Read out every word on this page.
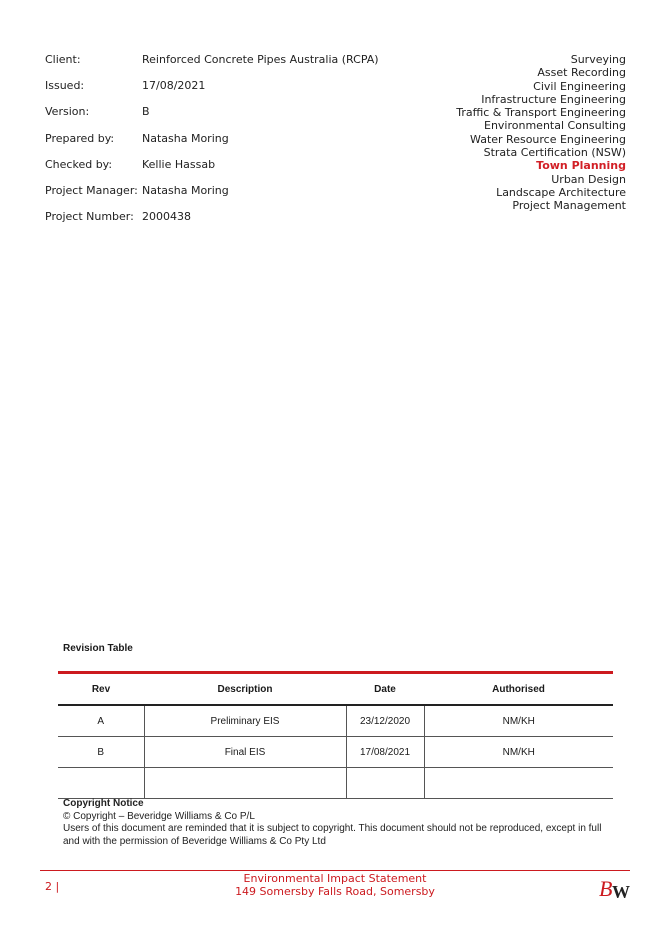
Client:	Reinforced Concrete Pipes Australia (RCPA)
Issued:	17/08/2021
Version:	B
Prepared by:	Natasha Moring
Checked by:	Kellie Hassab
Project Manager: Natasha Moring
Project Number: 2000438
Surveying
Asset Recording
Civil Engineering
Infrastructure Engineering
Traffic & Transport Engineering
Environmental Consulting
Water Resource Engineering
Strata Certification (NSW)
Town Planning
Urban Design
Landscape Architecture
Project Management
Revision Table
Rev	Description	Date	Authorised
A	Preliminary EIS	23/12/2020	NM/KH
B	Final EIS	17/08/2021	NM/KH

Copyright Notice
© Copyright – Beveridge Williams & Co P/L
Users of this document are reminded that it is subject to copyright. This document should not be reproduced, except in full and with the permission of Beveridge Williams & Co Pty Ltd
2 |
Environmental Impact Statement
149 Somersby Falls Road, Somersby	B W
